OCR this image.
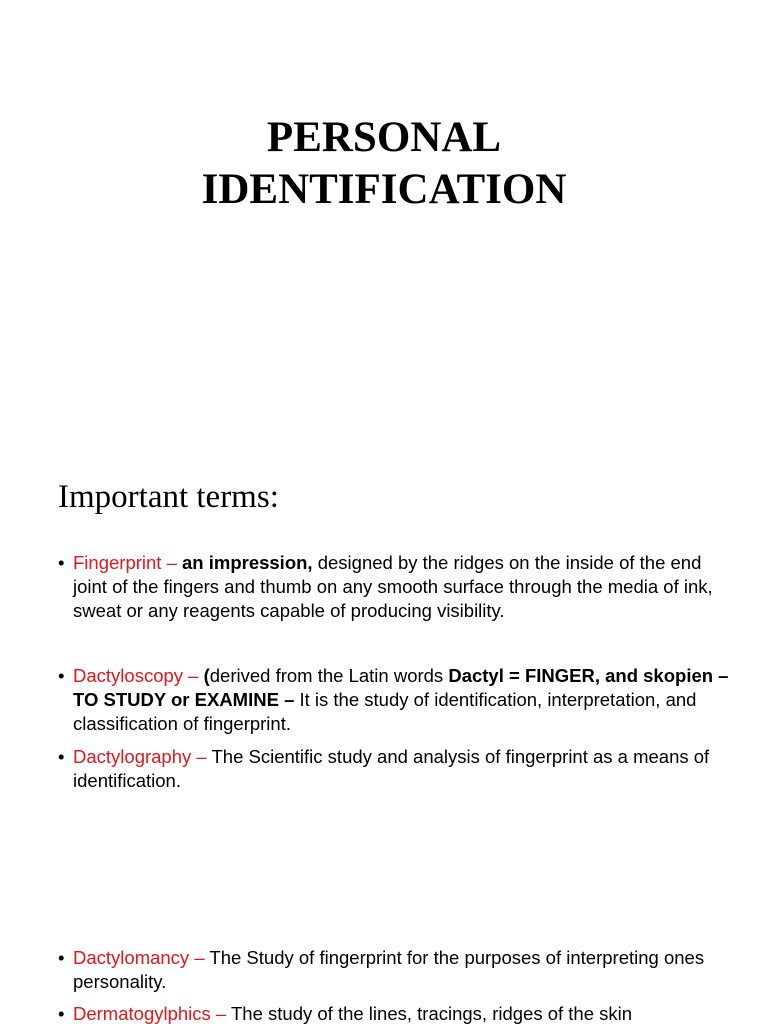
PERSONAL
IDENTIFICATION
Important terms:
• Fingerprint – an impression, designed by the ridges on the inside of the end joint of the fingers and thumb on any smooth surface through the media of ink, sweat or any reagents capable of producing visibility.
• Dactyloscopy – (derived from the Latin words Dactyl = FINGER, and skopien – TO STUDY or EXAMINE – It is the study of identification, interpretation, and classification of fingerprint.
• Dactylography – The Scientific study and analysis of fingerprint as a means of identification.
• Dactylomancy – The Study of fingerprint for the purposes of interpreting ones personality.
• Dermatogylphics – The study of the lines, tracings, ridges of the skin
